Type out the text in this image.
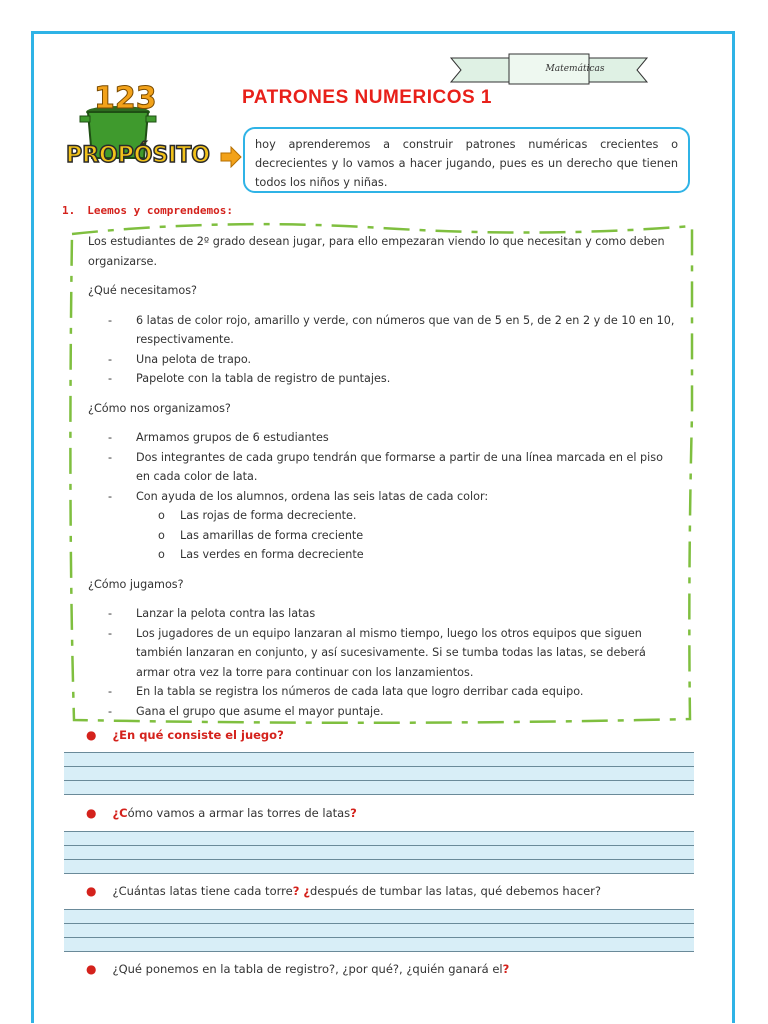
Matemáticas
123
PROPÓSITO
PATRONES NUMERICOS 1
hoy aprenderemos a construir patrones numéricas crecientes o decrecientes y lo vamos a hacer jugando, pues es un derecho que tienen todos los niños y niñas.
1. Leemos y comprendemos:

Los estudiantes de 2º grado desean jugar, para ello empezaran viendo lo que necesitan y como deben organizarse.

¿Qué necesitamos?

- 6 latas de color rojo, amarillo y verde, con números que van de 5 en 5, de 2 en 2 y de 10 en 10, respectivamente.
- Una pelota de trapo.
- Papelote con la tabla de registro de puntajes.

¿Cómo nos organizamos?

- Armamos grupos de 6 estudiantes
- Dos integrantes de cada grupo tendrán que formarse a partir de una línea marcada en el piso en cada color de lata.
- Con ayuda de los alumnos, ordena las seis latas de cada color:
o Las rojas de forma decreciente.
o Las amarillas de forma creciente
o Las verdes en forma decreciente

¿Cómo jugamos?

- Lanzar la pelota contra las latas
- Los jugadores de un equipo lanzaran al mismo tiempo, luego los otros equipos que siguen también lanzaran en conjunto, y así sucesivamente. Si se tumba todas las latas, se deberá armar otra vez la torre para continuar con los lanzamientos.
- En la tabla se registra los números de cada lata que logro derribar cada equipo.
- Gana el grupo que asume el mayor puntaje.
● ¿En qué consiste el juego?
● ¿Cómo vamos a armar las torres de latas?
● ¿Cuántas latas tiene cada torre? ¿después de tumbar las latas, qué debemos hacer?
● ¿Qué ponemos en la tabla de registro?, ¿por qué?, ¿quién ganará el?
